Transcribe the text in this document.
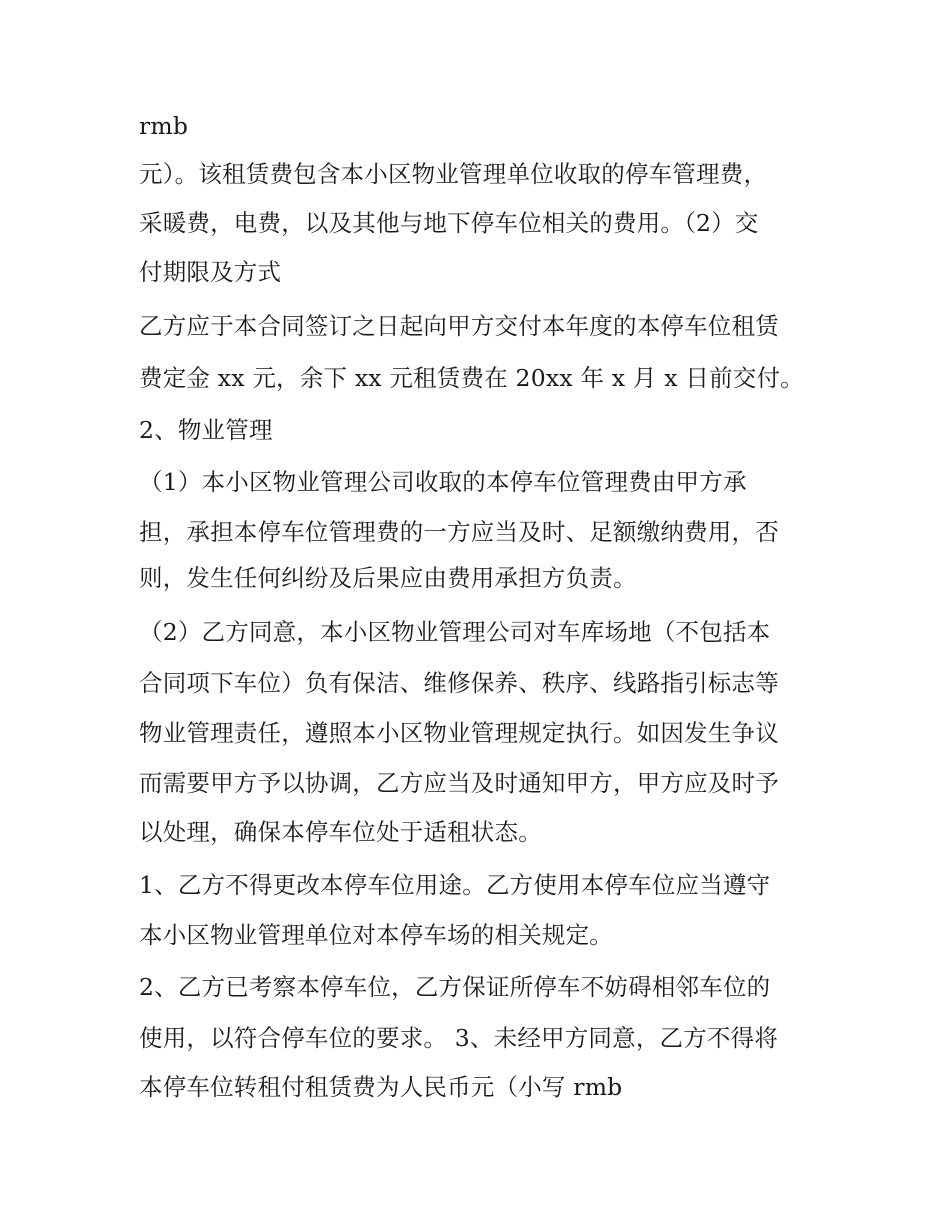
rmb
元）。该租赁费包含本小区物业管理单位收取的停车管理费，
采暖费，电费，以及其他与地下停车位相关的费用。（2）交
付期限及方式
乙方应于本合同签订之日起向甲方交付本年度的本停车位租赁
费定金 xx 元，余下 xx 元租赁费在 20xx 年 x 月 x 日前交付。
2、物业管理
（1）本小区物业管理公司收取的本停车位管理费由甲方承
担，承担本停车位管理费的一方应当及时、足额缴纳费用，否
则，发生任何纠纷及后果应由费用承担方负责。
（2）乙方同意，本小区物业管理公司对车库场地（不包括本
合同项下车位）负有保洁、维修保养、秩序、线路指引标志等
物业管理责任，遵照本小区物业管理规定执行。如因发生争议
而需要甲方予以协调，乙方应当及时通知甲方，甲方应及时予
以处理，确保本停车位处于适租状态。
1、乙方不得更改本停车位用途。乙方使用本停车位应当遵守
本小区物业管理单位对本停车场的相关规定。
2、乙方已考察本停车位，乙方保证所停车不妨碍相邻车位的
使用，以符合停车位的要求。 3、未经甲方同意，乙方不得将
本停车位转租付租赁费为人民币元（小写 rmb
